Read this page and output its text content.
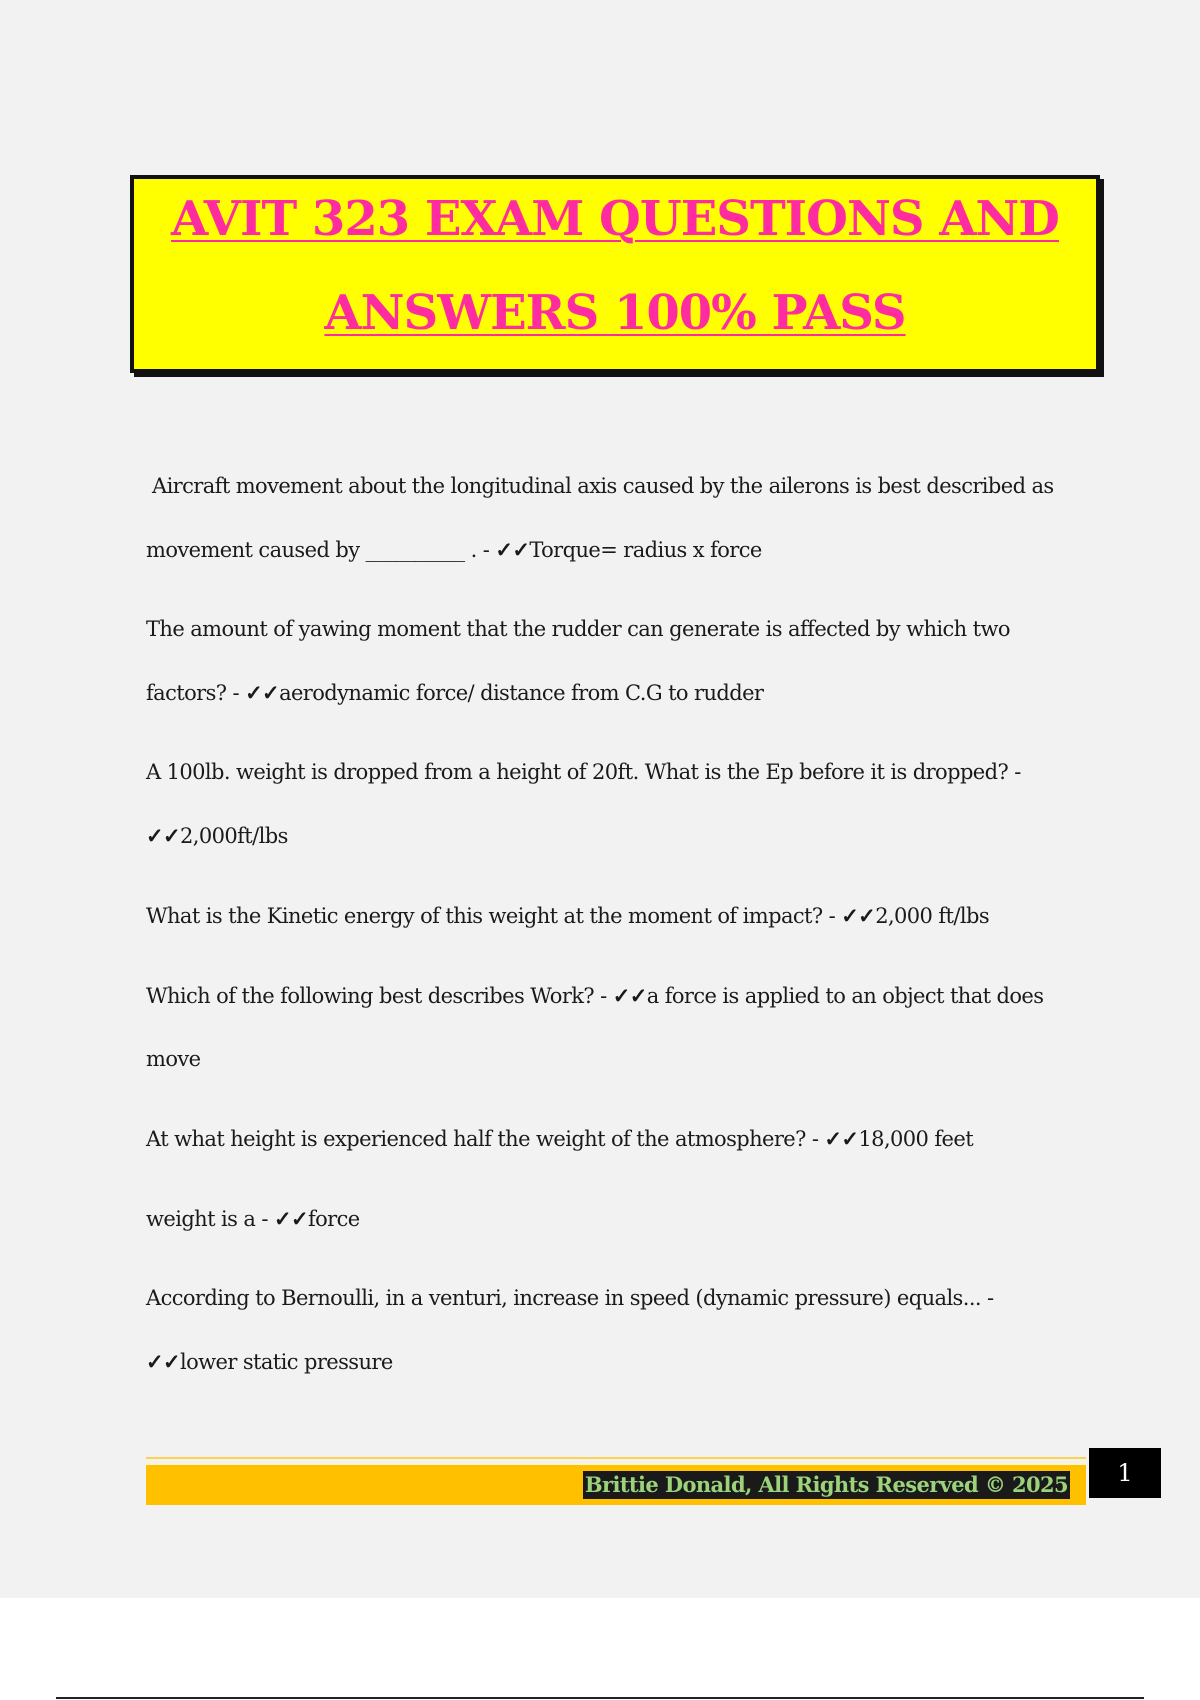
AVIT 323 EXAM QUESTIONS AND
ANSWERS 100% PASS
Aircraft movement about the longitudinal axis caused by the ailerons is best described as movement caused by __________ . - ✓✓Torque= radius x force
The amount of yawing moment that the rudder can generate is affected by which two factors? - ✓✓aerodynamic force/ distance from C.G to rudder
A 100lb. weight is dropped from a height of 20ft. What is the Ep before it is dropped? - ✓✓2,000ft/lbs
What is the Kinetic energy of this weight at the moment of impact? - ✓✓2,000 ft/lbs
Which of the following best describes Work? - ✓✓a force is applied to an object that does move
At what height is experienced half the weight of the atmosphere? - ✓✓18,000 feet
weight is a - ✓✓force
According to Bernoulli, in a venturi, increase in speed (dynamic pressure) equals... - ✓✓lower static pressure
Brittie Donald, All Rights Reserved © 2025	1
